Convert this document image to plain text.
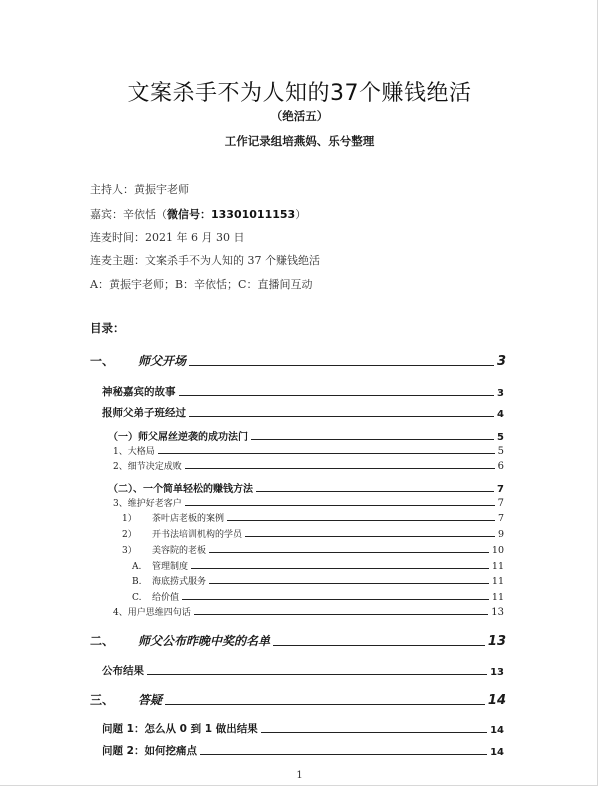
文案杀手不为人知的37个赚钱绝活
（绝活五）
工作记录组培燕妈、乐兮整理
主持人：黄振宇老师
嘉宾：辛依恬（微信号：13301011153）
连麦时间：2021 年 6 月 30 日
连麦主题：文案杀手不为人知的 37 个赚钱绝活
A：黄振宇老师；B：辛依恬；C：直播间互动
目录：
一、	师父开场	3
神秘嘉宾的故事	3
报师父弟子班经过	4
（一）师父屌丝逆袭的成功法门	5
1、大格局	5
2、细节决定成败	6
（二）、一个简单轻松的赚钱方法	7
3、维护好老客户	7
1）	茶叶店老板的案例	7
2）	开书法培训机构的学员	9
3）	美容院的老板	10
A.	管理制度	11
B.	海底捞式服务	11
C.	给价值	11
4、用户思维四句话	13
二、	师父公布昨晚中奖的名单	13
公布结果	13
三、	答疑	14
问题 1：怎么从 0 到 1 做出结果	14
问题 2：如何挖痛点	14
1
